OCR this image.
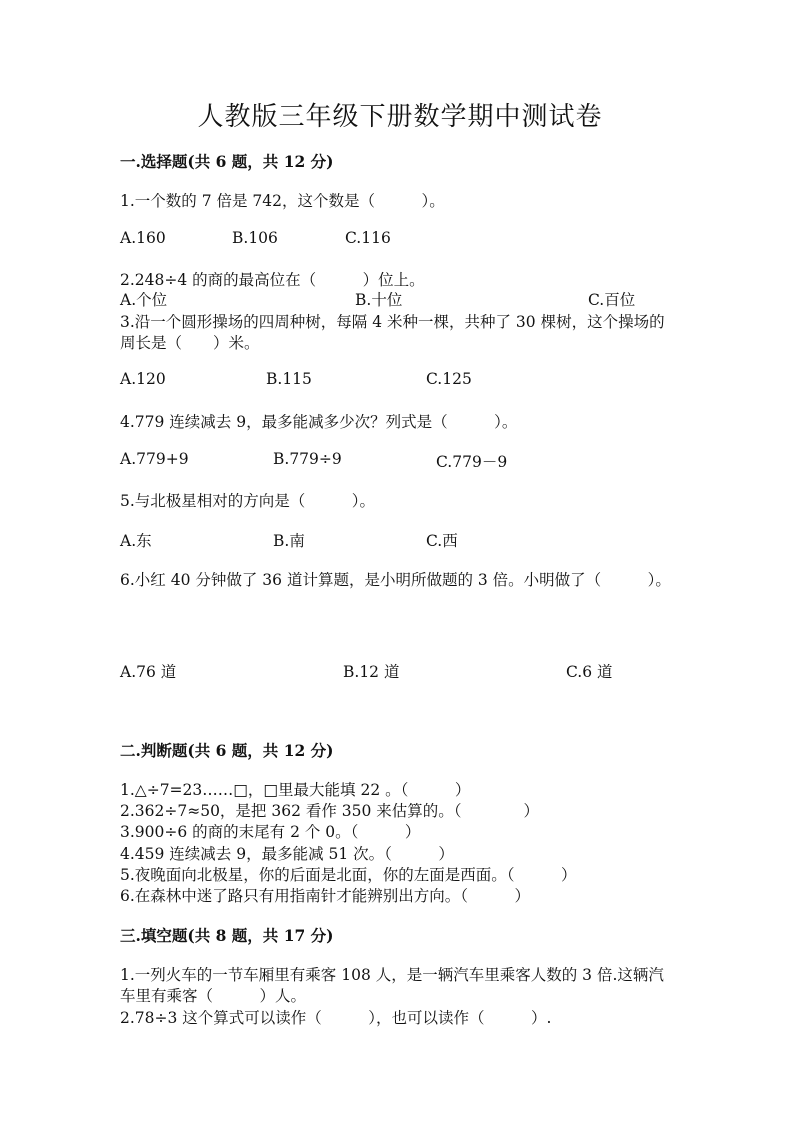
人教版三年级下册数学期中测试卷
一.选择题(共 6 题，共 12 分)
1.一个数的 7 倍是 742，这个数是（　　　）。
A.160	B.106	C.116
2.248÷4 的商的最高位在（　　　）位上。
A.个位	B.十位	C.百位
3.沿一个圆形操场的四周种树，每隔 4 米种一棵，共种了 30 棵树，这个操场的
周长是（　　）米。
A.120	B.115	C.125
4.779 连续减去 9，最多能减多少次？列式是（　　　）。
A.779+9	B.779÷9	C.779－9
5.与北极星相对的方向是（　　　）。
A.东	B.南	C.西
6.小红 40 分钟做了 36 道计算题，是小明所做题的 3 倍。小明做了（　　　）。
A.76 道	B.12 道	C.6 道
二.判断题(共 6 题，共 12 分)
1.△÷7=23……□，□里最大能填 22 。（　　　）
2.362÷7≈50，是把 362 看作 350 来估算的。（　　　　）
3.900÷6 的商的末尾有 2 个 0。（　　　）
4.459 连续减去 9，最多能减 51 次。（　　　）
5.夜晚面向北极星，你的后面是北面，你的左面是西面。（　　　）
6.在森林中迷了路只有用指南针才能辨别出方向。（　　　）
三.填空题(共 8 题，共 17 分)
1.一列火车的一节车厢里有乘客 108 人，是一辆汽车里乘客人数的 3 倍.这辆汽
车里有乘客（　　　）人。
2.78÷3 这个算式可以读作（　　　），也可以读作（　　　）.
